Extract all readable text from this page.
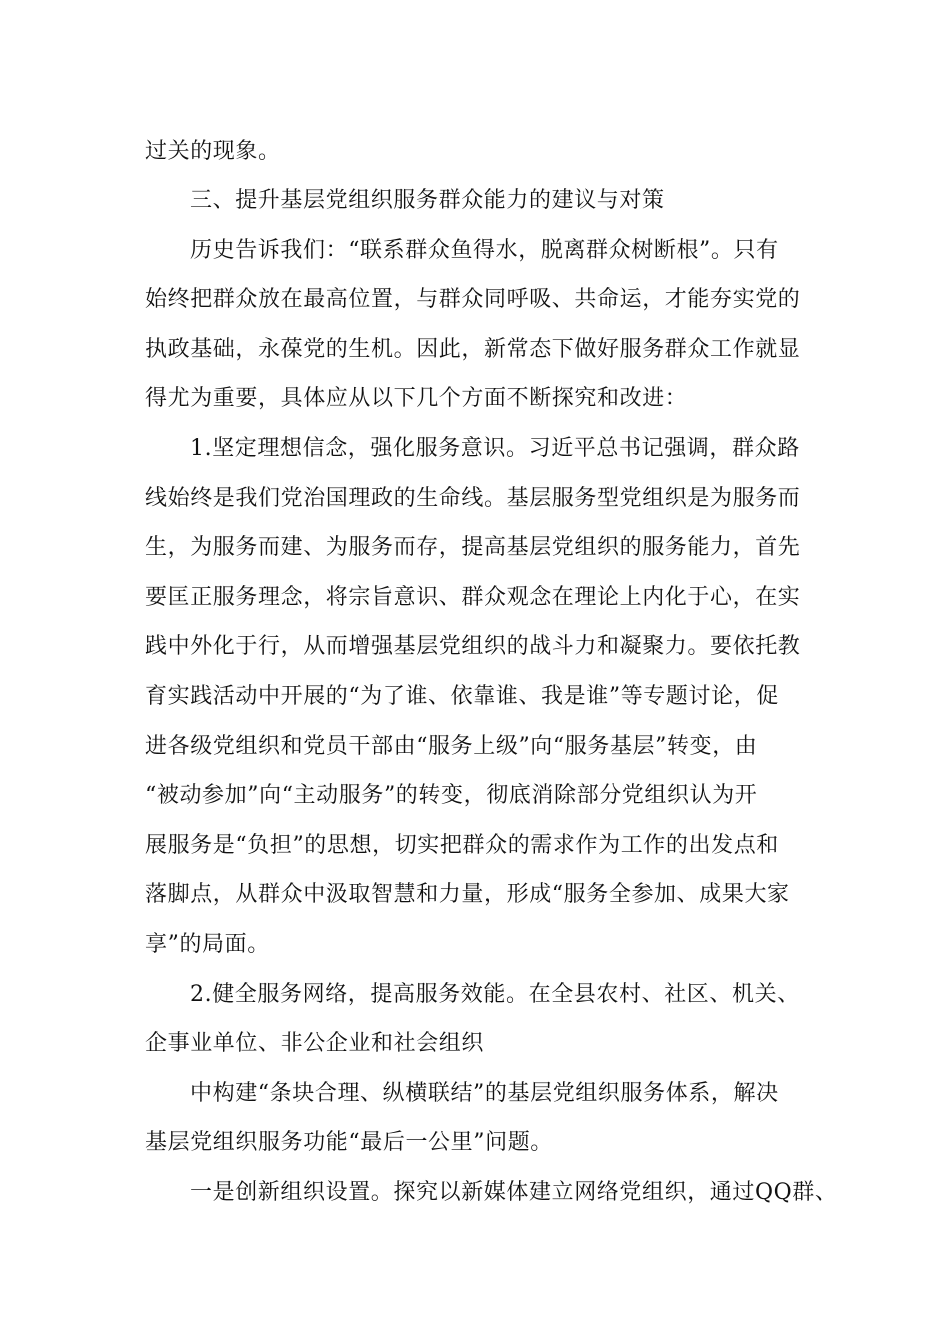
过关的现象。

三、提升基层党组织服务群众能力的建议与对策

历史告诉我们：“联系群众鱼得水，脱离群众树断根”。只有

始终把群众放在最高位置，与群众同呼吸、共命运，才能夯实党的

执政基础，永葆党的生机。因此，新常态下做好服务群众工作就显

得尤为重要，具体应从以下几个方面不断探究和改进：

1.坚定理想信念，强化服务意识。习近平总书记强调，群众路

线始终是我们党治国理政的生命线。基层服务型党组织是为服务而

生，为服务而建、为服务而存，提高基层党组织的服务能力，首先

要匡正服务理念，将宗旨意识、群众观念在理论上内化于心，在实

践中外化于行，从而增强基层党组织的战斗力和凝聚力。要依托教

育实践活动中开展的“为了谁、依靠谁、我是谁”等专题讨论，促

进各级党组织和党员干部由“服务上级”向“服务基层”转变，由

“被动参加”向“主动服务”的转变，彻底消除部分党组织认为开

展服务是“负担”的思想，切实把群众的需求作为工作的出发点和

落脚点，从群众中汲取智慧和力量，形成“服务全参加、成果大家

享”的局面。

2.健全服务网络，提高服务效能。在全县农村、社区、机关、

企事业单位、非公企业和社会组织

中构建“条块合理、纵横联结”的基层党组织服务体系，解决

基层党组织服务功能“最后一公里”问题。

一是创新组织设置。探究以新媒体建立网络党组织，通过QQ群、
